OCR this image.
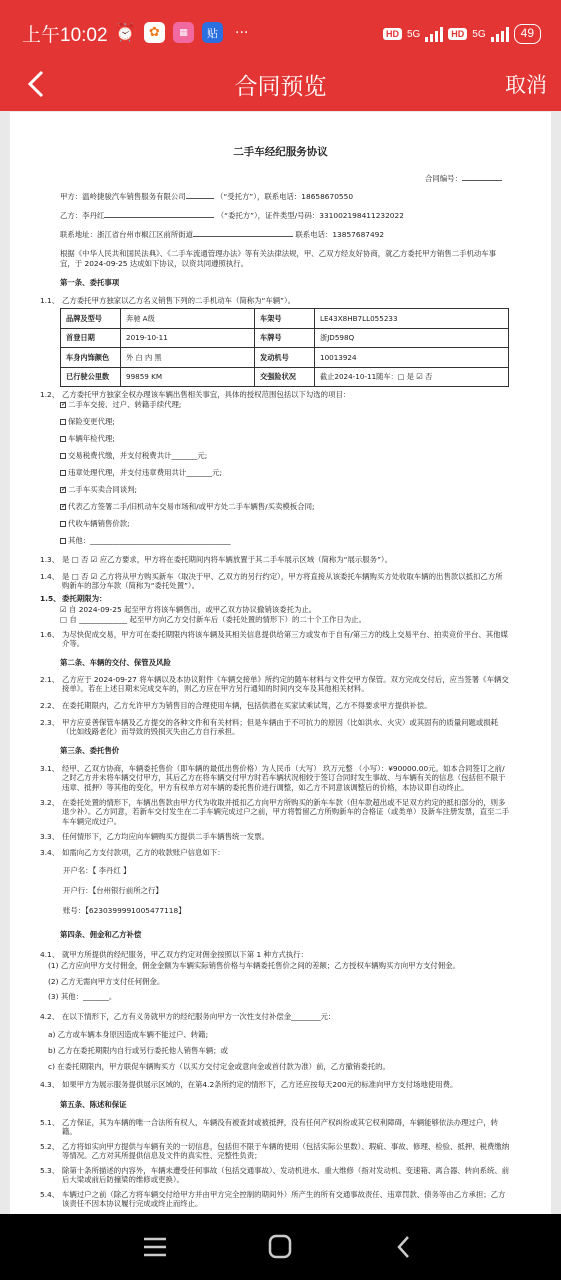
上午10:02 ⏰ ✿	▦	贴	···	HD 5G	HD 5G	49
合同预览	取消
二手车经纪服务协议
合同编号：
甲方：温岭捷骏汽车销售服务有限公司	（“受托方”），联系电话：18658670550
乙方：李丹红	（“委托方”），证件类型/号码：331002198411232022
联系地址：浙江省台州市椒江区前所街道	联系电话：13857687492
根据《中华人民共和国民法典》、《二手车流通管理办法》等有关法律法规，甲、乙双方经友好协商，就乙方委托甲方销售二手机动车事
宜，于 2024-09-25 达成如下协议，以资共同遵照执行。
第一条、委托事项
1.1、 乙方委托甲方独家以乙方名义销售下列的二手机动车（简称为“车辆”）。
品牌及型号	奔驰 A级	车架号	LE43X8HB7LL055233
首登日期	2019-10-11	车牌号	浙JD598Q
车身内饰颜色	外 白 内 黑	发动机号	10013924
已行驶公里数	99859 KM	交强险状况	截止2024-10-11随车：□ 是 ☑ 否
1.2、 乙方委托甲方独家全权办理该车辆出售相关事宜，具体的授权范围包括以下勾选的项目：
✓二手车交接、过户、转籍手续代理;
保险变更代理;
车辆年检代理;
交易税费代缴，并支付税费共计_______元;
违章处理代理，并支付违章费用共计_______元;
✓二手车买卖合同谈判;
✓代表乙方签署二手/旧机动车交易市场和/或甲方处二手车辆售/买卖模板合同;
代收车辆销售价款;
其他：______________________________________
1.3、 是 □ 否 ☑ 应乙方要求，甲方将在委托期间内将车辆放置于其二手车展示区域（简称为“展示服务”）。
1.4、 是 □ 否 ☑ 乙方将从甲方购买新车（取决于甲、乙双方的另行约定），甲方将直接从该委托车辆购买方处收取车辆的出售款以抵扣乙方所
购新车的部分车款（简称为“委托处置”）。
1.5、 委托期限为：
☑ 自 2024-09-25 起至甲方将该车辆售出，或甲乙双方协议撤销该委托为止。
□ 自 _____________ 起至甲方向乙方交付新车后（委托处置的情形下）的二十个工作日为止。
1.6、 为尽快促成交易，甲方可在委托期限内将该车辆及其相关信息提供给第三方或发布于自有/第三方的线上交易平台、拍卖竞价平台、其他媒介等。
第二条、车辆的交付、保管及风险
2.1、 乙方应于 2024-09-27 将车辆以及本协议附件《车辆交接单》所约定的随车材料与文件交甲方保管。双方完成交付后，应当签署《车辆交接单》。若在上述日期未完成交车的，则乙方应在甲方另行通知的时间内交车及其他相关材料。
2.2、 在委托期限内，乙方允许甲方为销售目的合理使用车辆，包括供潜在买家试乘试驾，乙方不得要求甲方提供补偿。
2.3、 甲方应妥善保管车辆及乙方提交的各种文件和有关材料；但是车辆由于不可抗力的原因（比如洪水、火灾）或其固有的质量问题或损耗（比如线路老化）而导致的毁损灭失由乙方自行承担。
第三条、委托售价
3.1、 经甲、乙双方协商，车辆委托售价（即车辆的最低出售价格）为人民币（大写） 玖万元整 （小写）：¥90000.00元。如本合同签订之前/之时乙方并未将车辆交付甲方，其后乙方在将车辆交付甲方时若车辆状况相较于签订合同时发生事故、与车辆有关的信息（包括但不限于违章、抵押）等其他的变化，甲方有权单方对车辆的委托售价进行调整，如乙方不同意该调整后的价格，本协议即自动终止。
3.2、 在委托处置的情形下，车辆出售款由甲方代为收取并抵扣乙方向甲方所购买的新车车款（但车款超出或不足双方约定的抵扣部分的，则多退少补）。乙方同意，若新车交付发生在二手车辆完成过户之前，甲方将暂留乙方所购新车的合格证（或类单）及新车注册发票，直至二手车车辆完成过户。
3.3、 任何情形下，乙方均应向车辆购买方提供二手车辆售统一发票。
3.4、 如需向乙方支付款项，乙方的收款账户信息如下：
开户名：【 李丹红 】
开户行：【台州银行前所之行】
账号：【6230399991005477118】
第四条、佣金和乙方补偿
4.1、 就甲方所提供的经纪服务，甲乙双方约定对佣金按照以下第 1 种方式执行：
(1) 乙方应向甲方支付佣金，佣金金额为车辆实际销售价格与车辆委托售价之间的差额；乙方授权车辆购买方向甲方支付佣金。
(2) 乙方无需向甲方支付任何佣金。
(3) 其他：_______。
4.2、 在以下情形下，乙方有义务就甲方的经纪服务向甲方一次性支付补偿金________元:
a) 乙方或车辆本身原因造成车辆不能过户、转籍;
b) 乙方在委托期限内自行或另行委托他人销售车辆；或
c) 在委托期限内，甲方联促车辆购买方（以买方交付定金或意向金或首付款为准）前，乙方撤销委托的。
4.3、 如果甲方为展示服务提供展示区域的，在第4.2条所约定的情形下，乙方还应按每天200元的标准向甲方支付场地使用费。
第五条、陈述和保证
5.1、 乙方保证，其为车辆的唯一合法所有权人，车辆没有被查封或被抵押，没有任何产权纠纷或其它权利障碍，车辆能够依法办理过户，转籍。
5.2、 乙方将如实向甲方提供与车辆有关的一切信息，包括但不限于车辆的使用（包括实际公里数）、瑕疵、事故、修理、检验、抵押、税费缴纳等情况。乙方对其所提供信息及文件的真实性、完整性负责；
5.3、 除第十条所描述的内容外，车辆未遭受任何事故（包括交通事故）、发动机进水、重大维修（指对发动机、变速箱、离合器、转向系统、前后大梁或前后防撞梁的维修或更换）。
5.4、 车辆过户之前（除乙方将车辆交付给甲方并由甲方完全控制的期间外）所产生的所有交通事故责任、违章罚款、债务等由乙方承担；乙方该责任不因本协议履行完成或终止而终止。
